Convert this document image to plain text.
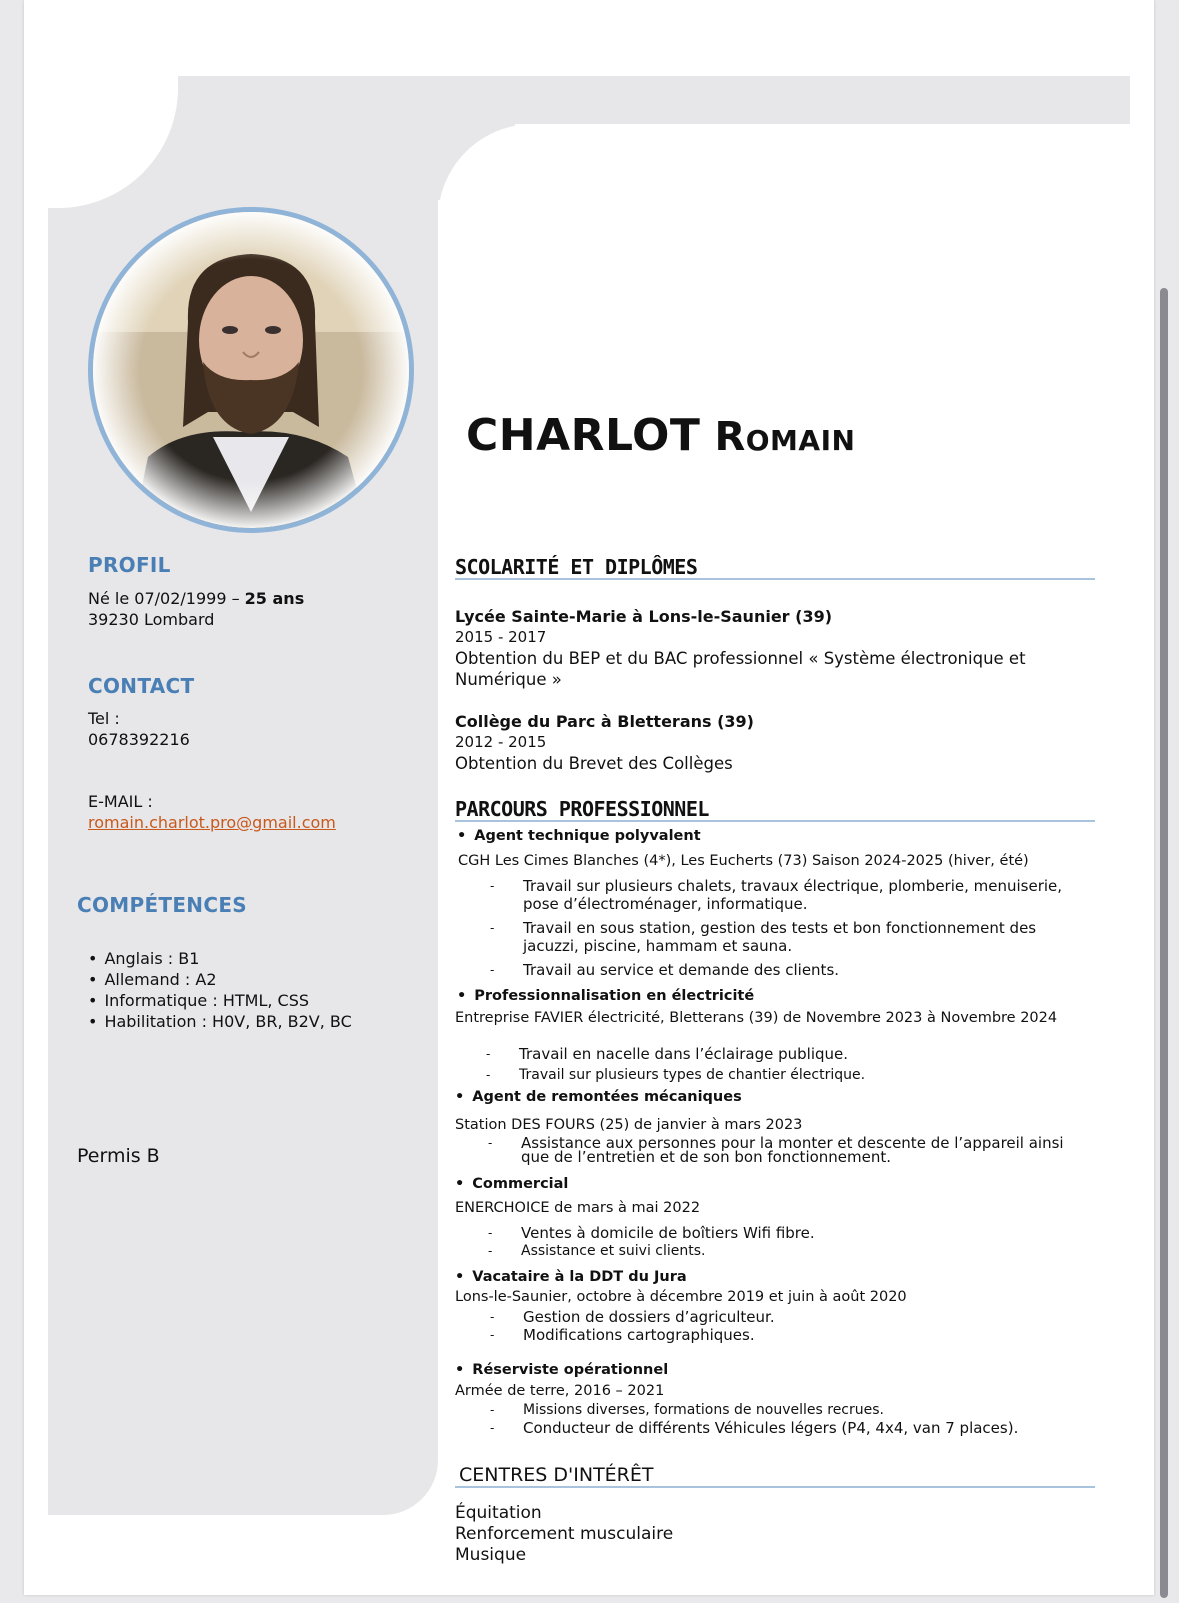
CHARLOT Romain
PROFIL
Né le 07/02/1999 – 25 ans
39230 Lombard
CONTACT
Tel :
0678392216
E-MAIL :
romain.charlot.pro@gmail.com
COMPÉTENCES
• Anglais : B1
• Allemand : A2
• Informatique : HTML, CSS
• Habilitation : H0V, BR, B2V, BC
Permis B
SCOLARITÉ ET DIPLÔMES
Lycée Sainte-Marie à Lons-le-Saunier (39)
2015 - 2017
Obtention du BEP et du BAC professionnel « Système électronique et
Numérique »
Collège du Parc à Bletterans (39)
2012 - 2015
Obtention du Brevet des Collèges
PARCOURS PROFESSIONNEL
• Agent technique polyvalent
CGH Les Cimes Blanches (4*), Les Eucherts (73) Saison 2024-2025 (hiver, été)
- Travail sur plusieurs chalets, travaux électrique, plomberie, menuiserie, pose d’électroménager, informatique.
- Travail en sous station, gestion des tests et bon fonctionnement des jacuzzi, piscine, hammam et sauna.
- Travail au service et demande des clients.
• Professionnalisation en électricité
Entreprise FAVIER électricité, Bletterans (39) de Novembre 2023 à Novembre 2024
- Travail en nacelle dans l’éclairage publique.
- Travail sur plusieurs types de chantier électrique.
• Agent de remontées mécaniques
Station DES FOURS (25) de janvier à mars 2023
- Assistance aux personnes pour la monter et descente de l’appareil ainsi que de l’entretien et de son bon fonctionnement.
• Commercial
ENERCHOICE de mars à mai 2022
- Ventes à domicile de boîtiers Wifi fibre.
- Assistance et suivi clients.
• Vacataire à la DDT du Jura
Lons-le-Saunier, octobre à décembre 2019 et juin à août 2020
- Gestion de dossiers d’agriculteur.
- Modifications cartographiques.
• Réserviste opérationnel
Armée de terre, 2016 – 2021
- Missions diverses, formations de nouvelles recrues.
- Conducteur de différents Véhicules légers (P4, 4x4, van 7 places).
CENTRES D'INTÉRÊT
Équitation
Renforcement musculaire
Musique
